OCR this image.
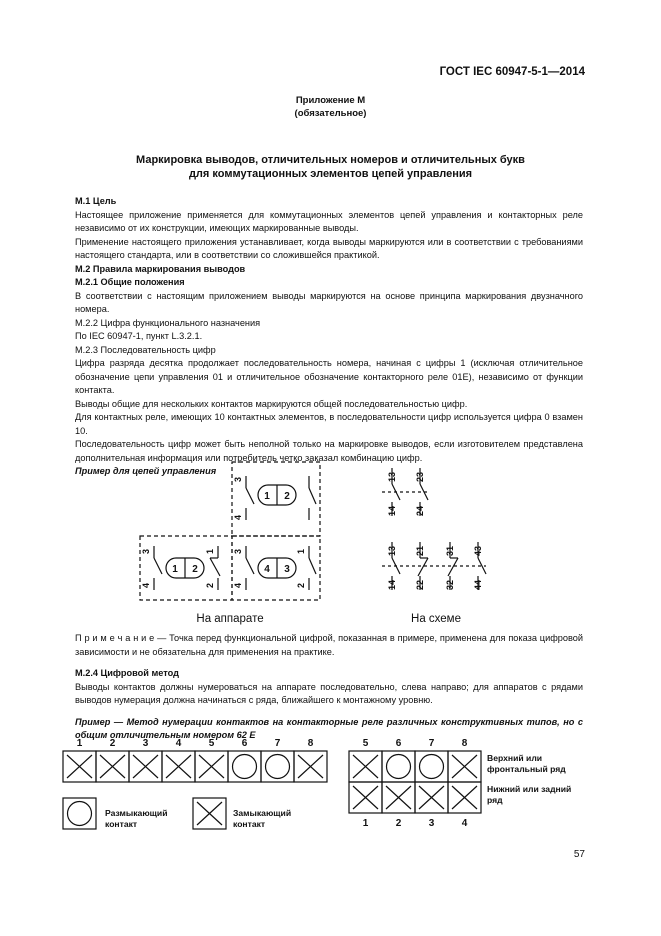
ГОСТ IEC 60947-5-1—2014
Приложение М
(обязательное)
Маркировка выводов, отличительных номеров и отличительных букв
для коммутационных элементов цепей управления

М.1 Цель

Настоящее приложение применяется для коммутационных элементов цепей управления и контакторных реле независимо от их конструкции, имеющих маркированные выводы.

Применение настоящего приложения устанавливает, когда выводы маркируются или в соответствии с требованиями настоящего стандарта, или в соответствии со сложившейся практикой.

М.2 Правила маркирования выводов

М.2.1 Общие положения

В соответствии с настоящим приложением выводы маркируются на основе принципа маркирования двузначного номера.

М.2.2 Цифра функционального назначения

По IEC 60947-1, пункт L.3.2.1.

М.2.3 Последовательность цифр

Цифра разряда десятка продолжает последовательность номера, начиная с цифры 1 (исключая отличительное обозначение цепи управления 01 и отличительное обозначение контакторного реле 01Е), независимо от функции контакта.

Выводы общие для нескольких контактов маркируются общей последовательностью цифр.

Для контактных реле, имеющих 10 контактных элементов, в последовательности цифр используется цифра 0 взамен 10.

Последовательность цифр может быть неполной только на маркировке выводов, если изготовителем представлена дополнительная информация или потребитель четко заказал комбинацию цифр.

Пример для цепей управления

1 2
1 2	4 3
3
4
3
4
1
2
3
4
1
2
13 23
14 24
13 21 31 43
14 22 32 44
На аппарате	На схеме

П р и м е ч а н и е — Точка перед функциональной цифрой, показанная в примере, применена для показа цифровой зависимости и не обязательна для применения на практике.

М.2.4 Цифровой метод

Выводы контактов должны нумероваться на аппарате последовательно, слева направо; для аппаратов с рядами выводов нумерация должна начинаться с ряда, ближайшего к монтажному уровню.

Пример — Метод нумерации контактов на контакторные реле различных конструктивных типов, но с общим отличительным номером 62 Е

1	2	3	4	5	6	7	8	5	6	7	8
1	2	3	4
Верхний или фронтальный ряд
Нижний или задний ряд
Размыкающий
контакт
Замыкающий
контакт
57
